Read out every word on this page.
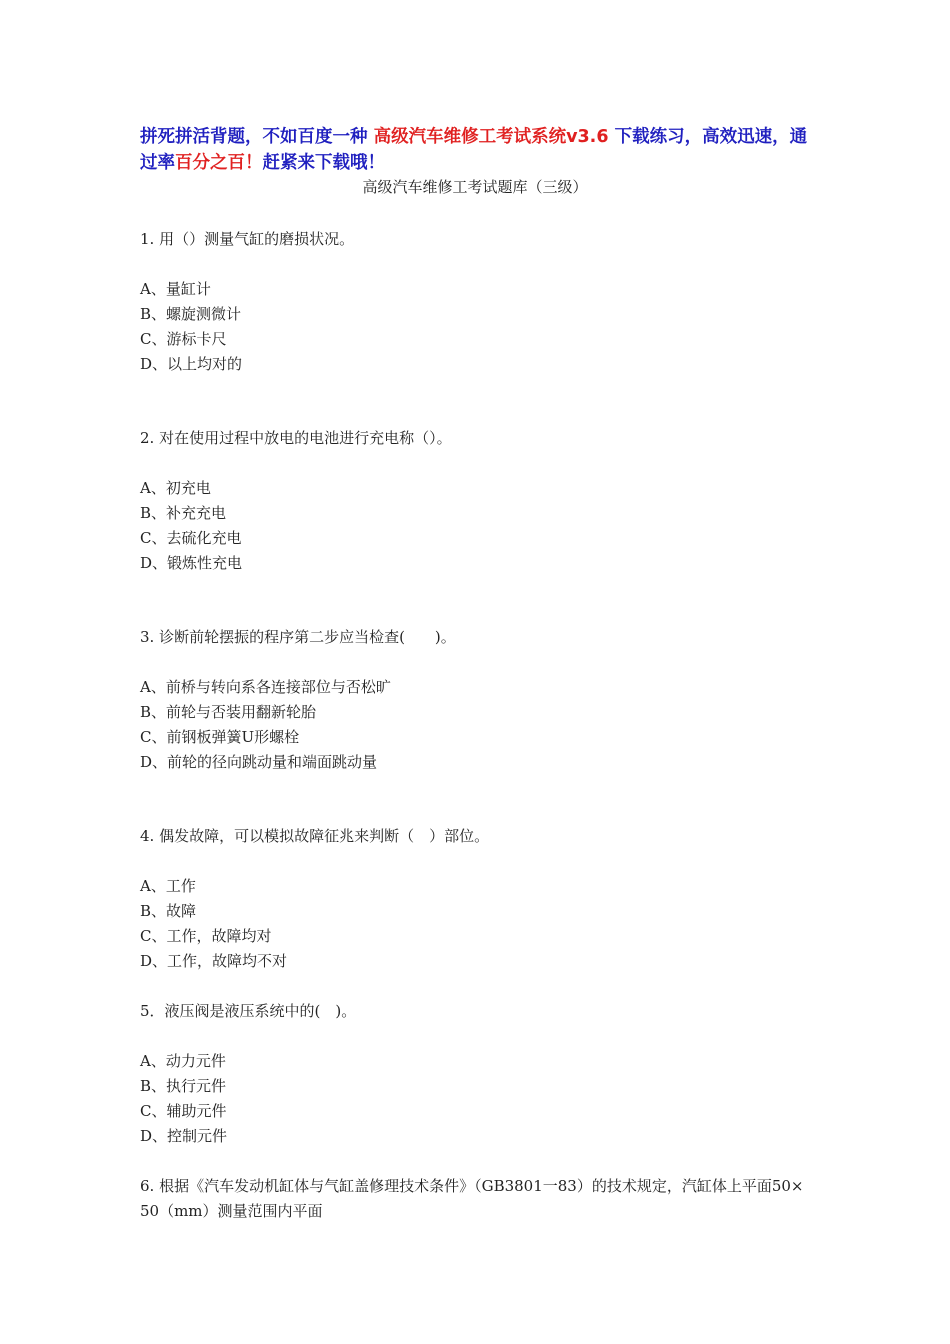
拼死拼活背题，不如百度一种 高级汽车维修工考试系统v3.6 下载练习，高效迅速，通过率百分之百！赶紧来下载哦！
高级汽车维修工考试题库（三级）

1. 用（）测量气缸的磨损状况。

A、量缸计

B、螺旋测微计

C、游标卡尺

D、以上均对的

2. 对在使用过程中放电的电池进行充电称（）。

A、初充电

B、补充充电

C、去硫化充电

D、锻炼性充电

3. 诊断前轮摆振的程序第二步应当检查(　　)。

A、前桥与转向系各连接部位与否松旷

B、前轮与否装用翻新轮胎

C、前钢板弹簧U形螺栓

D、前轮的径向跳动量和端面跳动量

4. 偶发故障，可以模拟故障征兆来判断（　）部位。

A、工作

B、故障

C、工作，故障均对

D、工作，故障均不对

5．液压阀是液压系统中的(　)。

A、动力元件

B、执行元件

C、辅助元件

D、控制元件

6. 根据《汽车发动机缸体与气缸盖修理技术条件》（GB3801一83）的技术规定，汽缸体上平面50× 50（mm）测量范围内平面
